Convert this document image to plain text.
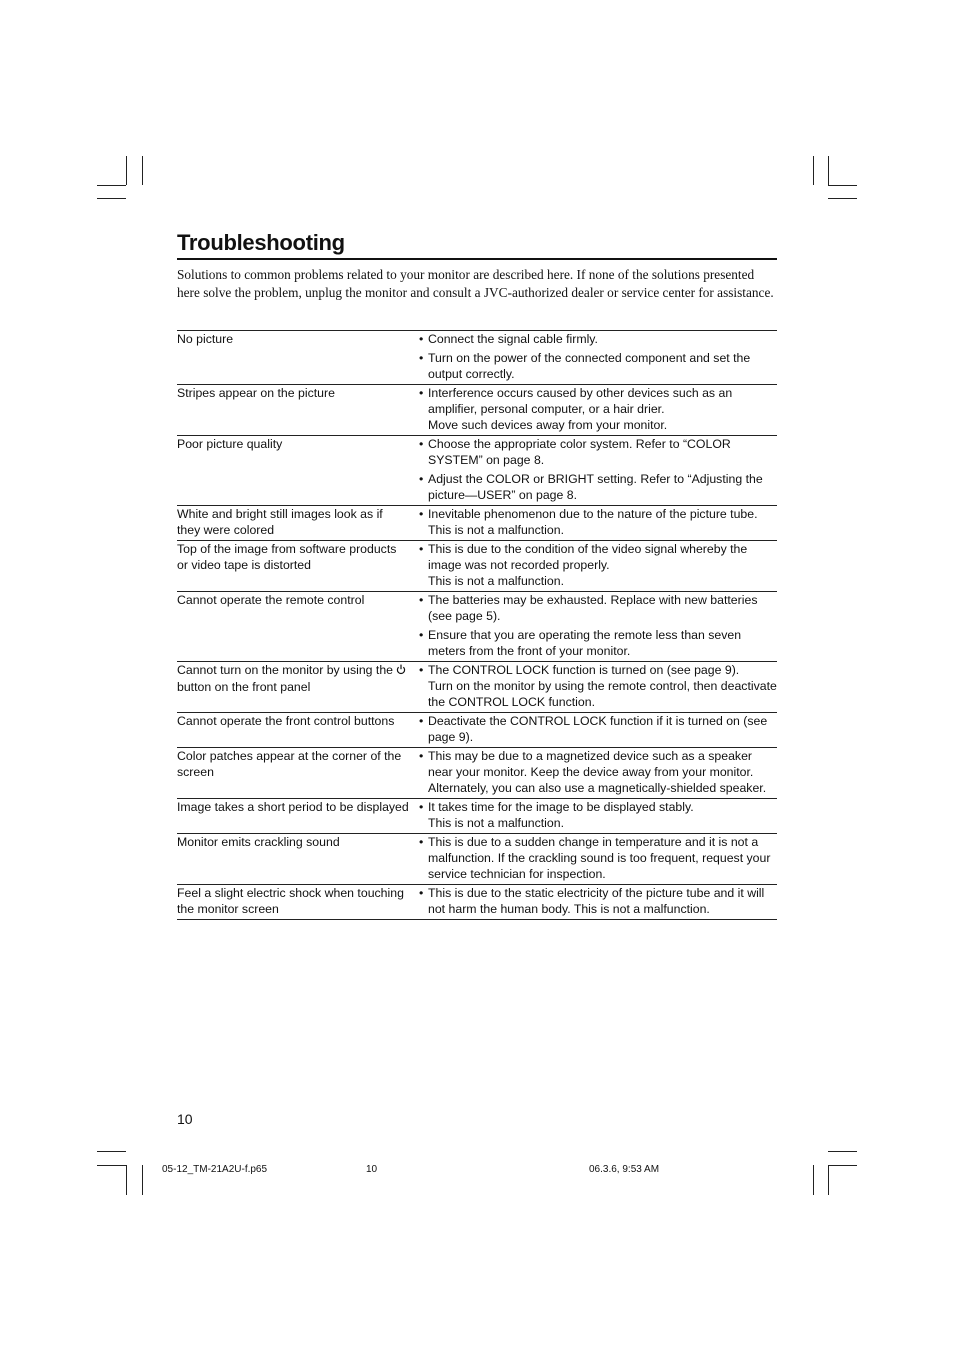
Troubleshooting

Solutions to common problems related to your monitor are described here. If none of the solutions presented here solve the problem, unplug the monitor and consult a JVC-authorized dealer or service center for assistance.

No picture	• Connect the signal cable firmly.
• Turn on the power of the connected component and set the output correctly.

Stripes appear on the picture	• Interference occurs caused by other devices such as an amplifier, personal computer, or a hair drier.
Move such devices away from your monitor.

Poor picture quality	• Choose the appropriate color system. Refer to “COLOR SYSTEM” on page 8.
• Adjust the COLOR or BRIGHT setting. Refer to “Adjusting the picture—USER” on page 8.

White and bright still images look as if they were colored	• Inevitable phenomenon due to the nature of the picture tube.
This is not a malfunction.

Top of the image from software products or video tape is distorted	• This is due to the condition of the video signal whereby the image was not recorded properly.
This is not a malfunction.

Cannot operate the remote control	• The batteries may be exhausted. Replace with new batteries (see page 5).
• Ensure that you are operating the remote less than seven meters from the front of your monitor.

Cannot turn on the monitor by using thebutton on the front panel	• The CONTROL LOCK function is turned on (see page 9).
Turn on the monitor by using the remote control, then deactivate the CONTROL LOCK function.

Cannot operate the front control buttons	• Deactivate the CONTROL LOCK function if it is turned on (see page 9).

Color patches appear at the corner of the screen	• This may be due to a magnetized device such as a speaker near your monitor. Keep the device away from your monitor. Alternately, you can also use a magnetically-shielded speaker.

Image takes a short period to be displayed	• It takes time for the image to be displayed stably.
This is not a malfunction.

Monitor emits crackling sound	• This is due to a sudden change in temperature and it is not a malfunction. If the crackling sound is too frequent, request your service technician for inspection.

Feel a slight electric shock when touching the monitor screen	• This is due to the static electricity of the picture tube and it will not harm the human body. This is not a malfunction.
10
05-12_TM-21A2U-f.p65	10	06.3.6, 9:53 AM
